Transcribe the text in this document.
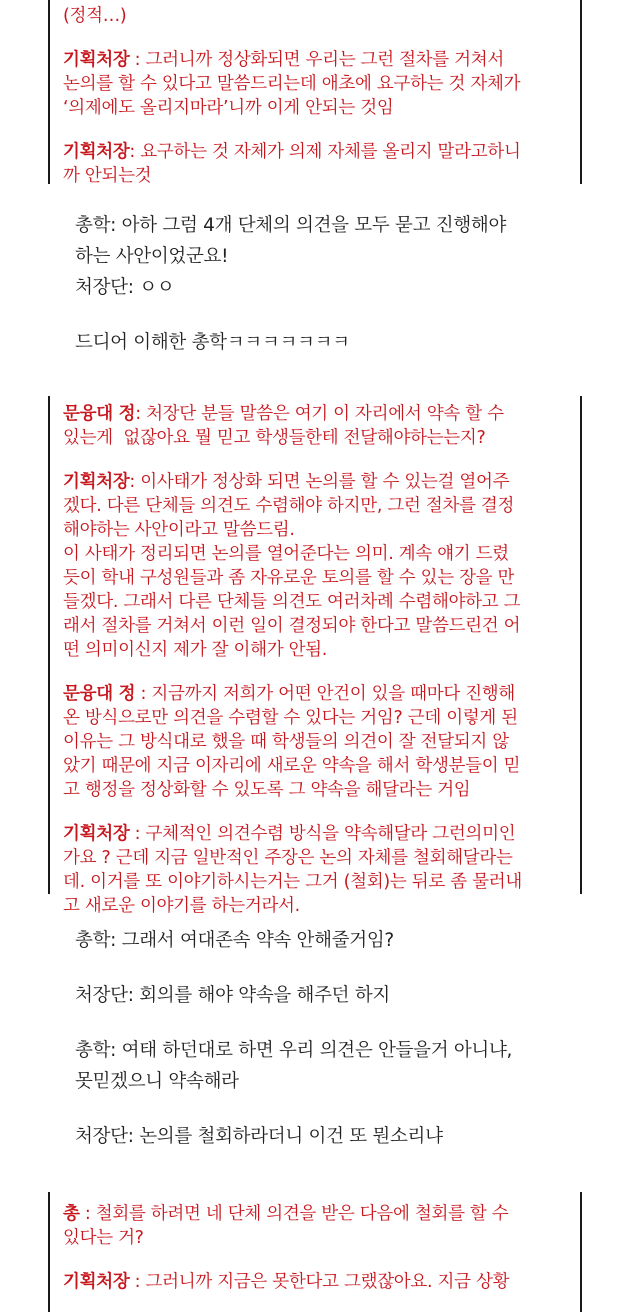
(정적…)

기획처장 : 그러니까 정상화되면 우리는 그런 절차를 거쳐서

논의를 할 수 있다고 말씀드리는데 애초에 요구하는 것 자체가

‘의제에도 올리지마라’니까 이게 안되는 것임

기획처장: 요구하는 것 자체가 의제 자체를 올리지 말라고하니

까 안되는것

총학: 아하 그럼 4개 단체의 의견을 모두 묻고 진행해야

하는 사안이었군요!

처장단: ㅇㅇ

드디어 이해한 총학ㅋㅋㅋㅋㅋㅋㅋ

문융대 정: 처장단 분들 말씀은 여기 이 자리에서 약속 할 수

있는게  없잖아요 뭘 믿고 학생들한테 전달해야하는는지?

기획처장: 이사태가 정상화 되면 논의를 할 수 있는걸 열어주

겠다. 다른 단체들 의견도 수렴해야 하지만, 그런 절차를 결정

해야하는 사안이라고 말씀드림.

이 사태가 정리되면 논의를 열어준다는 의미. 계속 얘기 드렸

듯이 학내 구성원들과 좀 자유로운 토의를 할 수 있는 장을 만

들겠다. 그래서 다른 단체들 의견도 여러차례 수렴해야하고 그

래서 절차를 거쳐서 이런 일이 결정되야 한다고 말씀드린건 어

떤 의미이신지 제가 잘 이해가 안됨.

문융대 정 : 지금까지 저희가 어떤 안건이 있을 때마다 진행해

온 방식으로만 의견을 수렴할 수 있다는 거임? 근데 이렇게 된

이유는 그 방식대로 했을 때 학생들의 의견이 잘 전달되지 않

았기 때문에 지금 이자리에 새로운 약속을 해서 학생분들이 믿

고 행정을 정상화할 수 있도록 그 약속을 해달라는 거임

기획처장 : 구체적인 의견수렴 방식을 약속해달라 그런의미인

가요 ? 근데 지금 일반적인 주장은 논의 자체를 철회해달라는

데. 이거를 또 이야기하시는거는 그거 (철회)는 뒤로 좀 물러내

고 새로운 이야기를 하는거라서.

총학: 그래서 여대존속 약속 안해줄거임?

처장단: 회의를 해야 약속을 해주던 하지

총학: 여태 하던대로 하면 우리 의견은 안들을거 아니냐,

못믿겠으니 약속해라

처장단: 논의를 철회하라더니 이건 또 뭔소리냐

총 : 철회를 하려면 네 단체 의견을 받은 다음에 철회를 할 수

있다는 거?

기획처장 : 그러니까 지금은 못한다고 그랬잖아요. 지금 상황
